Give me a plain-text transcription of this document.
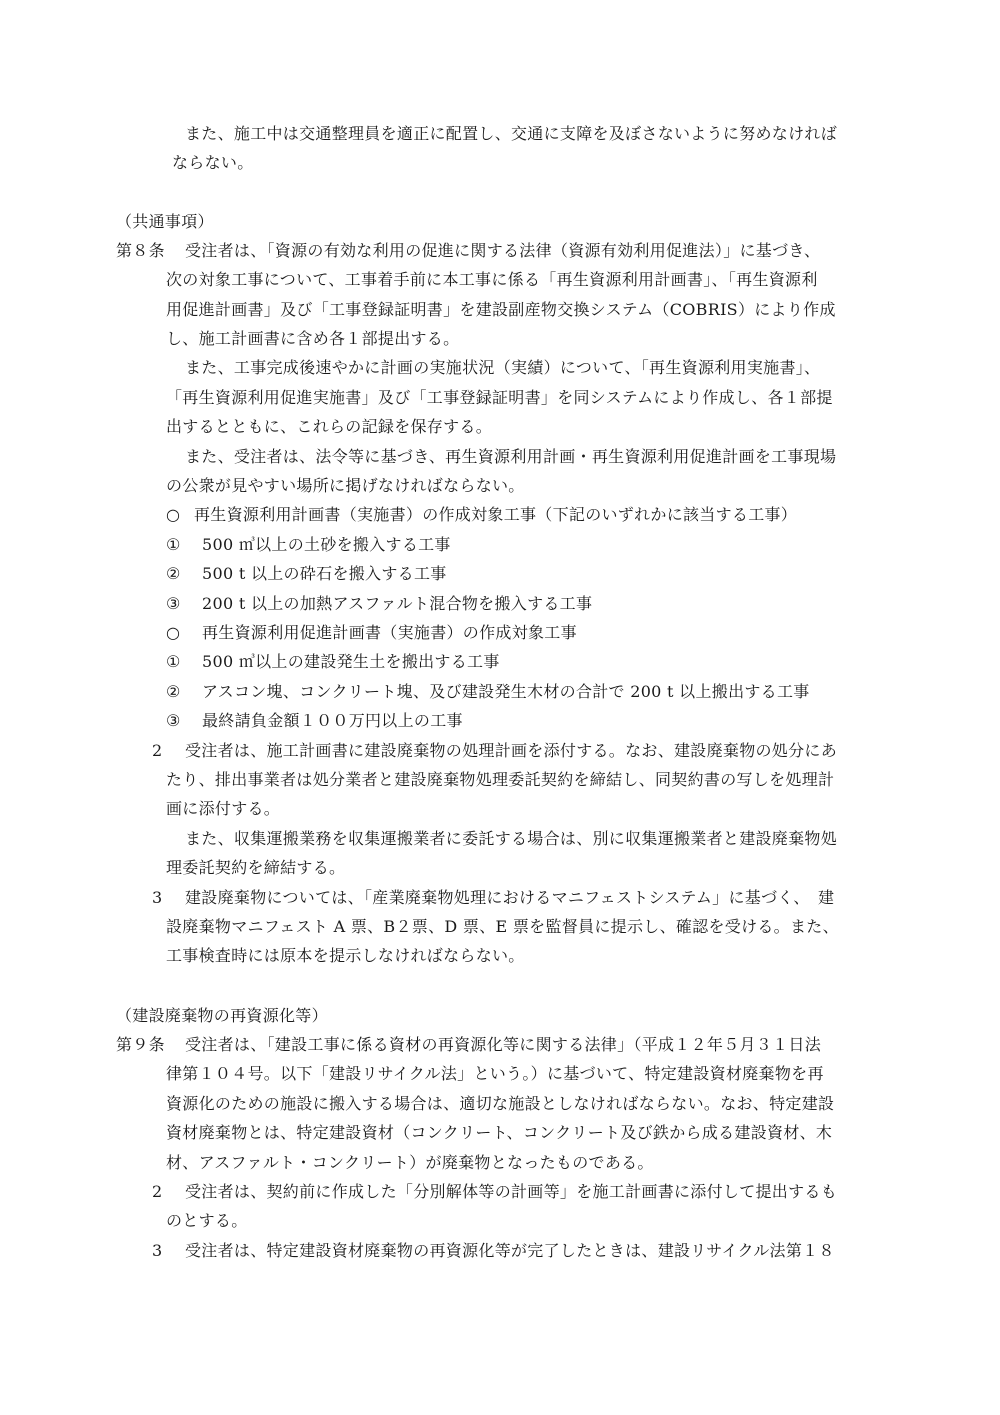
また、施工中は交通整理員を適正に配置し、交通に支障を及ぼさないように努めなければ
ならない。
（共通事項）
第８条 受注者は、「資源の有効な利用の促進に関する法律（資源有効利用促進法）」に基づき、
次の対象工事について、工事着手前に本工事に係る「再生資源利用計画書」、「再生資源利
用促進計画書」及び「工事登録証明書」を建設副産物交換システム（COBRIS）により作成
し、施工計画書に含め各１部提出する。
また、工事完成後速やかに計画の実施状況（実績）について、「再生資源利用実施書」、
「再生資源利用促進実施書」及び「工事登録証明書」を同システムにより作成し、各１部提
出するとともに、これらの記録を保存する。
また、受注者は、法令等に基づき、再生資源利用計画・再生資源利用促進計画を工事現場
の公衆が見やすい場所に掲げなければならない。
○ 再生資源利用計画書（実施書）の作成対象工事（下記のいずれかに該当する工事）
① 500 ㎥以上の土砂を搬入する工事
② 500 t 以上の砕石を搬入する工事
③ 200 t 以上の加熱アスファルト混合物を搬入する工事
○ 再生資源利用促進計画書（実施書）の作成対象工事
① 500 ㎥以上の建設発生土を搬出する工事
② アスコン塊、コンクリート塊、及び建設発生木材の合計で 200 t 以上搬出する工事
③ 最終請負金額１００万円以上の工事
2 受注者は、施工計画書に建設廃棄物の処理計画を添付する。なお、建設廃棄物の処分にあ
たり、排出事業者は処分業者と建設廃棄物処理委託契約を締結し、同契約書の写しを処理計
画に添付する。
また、収集運搬業務を収集運搬業者に委託する場合は、別に収集運搬業者と建設廃棄物処
理委託契約を締結する。
3 建設廃棄物については、「産業廃棄物処理におけるマニフェストシステム」に基づく、　建
設廃棄物マニフェスト A 票、B２票、D 票、E 票を監督員に提示し、確認を受ける。また、
工事検査時には原本を提示しなければならない。
（建設廃棄物の再資源化等）
第９条 受注者は、「建設工事に係る資材の再資源化等に関する法律」（平成１２年５月３１日法
律第１０４号。以下「建設リサイクル法」という。）に基づいて、特定建設資材廃棄物を再
資源化のための施設に搬入する場合は、適切な施設としなければならない。なお、特定建設
資材廃棄物とは、特定建設資材（コンクリート、コンクリート及び鉄から成る建設資材、木
材、アスファルト・コンクリート）が廃棄物となったものである。
2 受注者は、契約前に作成した「分別解体等の計画等」を施工計画書に添付して提出するも
のとする。
3 受注者は、特定建設資材廃棄物の再資源化等が完了したときは、建設リサイクル法第１８
